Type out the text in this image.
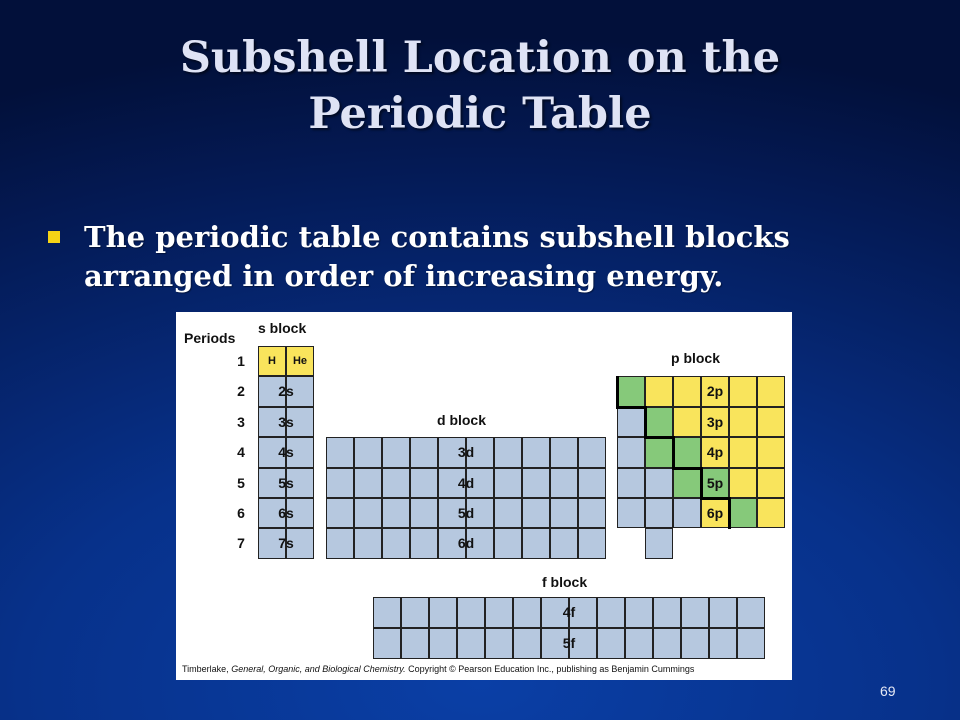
Subshell Location on the
Periodic Table
The periodic table contains subshell blocks arranged in order of increasing energy.
Periods
s block
d block
p block
f block
Timberlake, General, Organic, and Biological Chemistry. Copyright © Pearson Education Inc., publishing as Benjamin Cummings
1
2
3
4
5
6
7
H	He
2s
3s
4s
5s
6s
7s
3d
4d
5d
6d
2p
3p
4p
5p
6p
4f
5f
69
